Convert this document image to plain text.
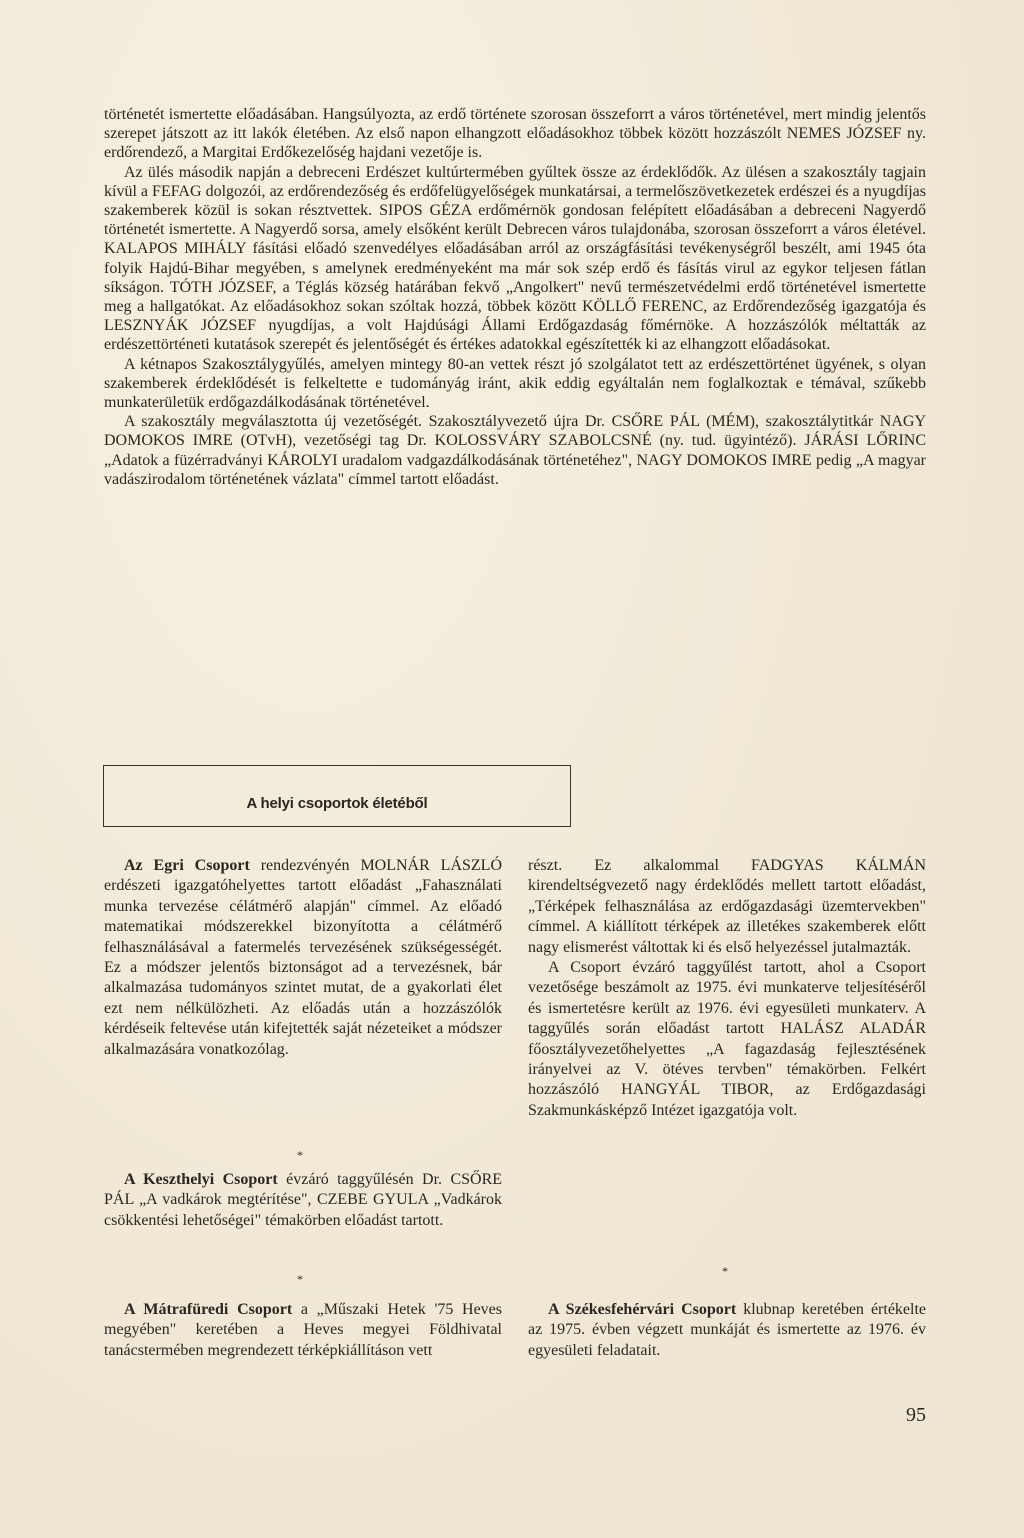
történetét ismertette előadásában. Hangsúlyozta, az erdő története szorosan összeforrt a város történetével, mert mindig jelentős szerepet játszott az itt lakók életében. Az első napon elhangzott előadásokhoz többek között hozzászólt NEMES JÓZSEF ny. erdőrendező, a Margitai Erdőkezelőség hajdani vezetője is.

Az ülés második napján a debreceni Erdészet kultúrtermében gyűltek össze az érdeklődők. Az ülésen a szakosztály tagjain kívül a FEFAG dolgozói, az erdőrendezőség és erdőfelügyelőségek munkatársai, a termelőszövetkezetek erdészei és a nyugdíjas szakemberek közül is sokan résztvettek. SIPOS GÉZA erdőmérnök gondosan felépített előadásában a debreceni Nagyerdő történetét ismertette. A Nagyerdő sorsa, amely elsőként került Debrecen város tulajdonába, szorosan összeforrt a város életével. KALAPOS MIHÁLY fásítási előadó szenvedélyes előadásában arról az országfásítási tevékenységről beszélt, ami 1945 óta folyik Hajdú-Bihar megyében, s amelynek eredményeként ma már sok szép erdő és fásítás virul az egykor teljesen fátlan síkságon. TÓTH JÓZSEF, a Téglás község határában fekvő „Angolkert" nevű természetvédelmi erdő történetével ismertette meg a hallgatókat. Az előadásokhoz sokan szóltak hozzá, többek között KÖLLŐ FERENC, az Erdőrendezőség igazgatója és LESZNYÁK JÓZSEF nyugdíjas, a volt Hajdúsági Állami Erdőgazdaság főmérnöke. A hozzászólók méltatták az erdészettörténeti kutatások szerepét és jelentőségét és értékes adatokkal egészítették ki az elhangzott előadásokat.

A kétnapos Szakosztálygyűlés, amelyen mintegy 80-an vettek részt jó szolgálatot tett az erdészettörténet ügyének, s olyan szakemberek érdeklődését is felkeltette e tudományág iránt, akik eddig egyáltalán nem foglalkoztak e témával, szűkebb munkaterületük erdőgazdálkodásának történetével.

A szakosztály megválasztotta új vezetőségét. Szakosztályvezető újra Dr. CSŐRE PÁL (MÉM), szakosztálytitkár NAGY DOMOKOS IMRE (OTvH), vezetőségi tag Dr. KOLOSSVÁRY SZABOLCSNÉ (ny. tud. ügyintéző). JÁRÁSI LŐRINC „Adatok a füzérradványi KÁROLYI uradalom vadgazdálkodásának történetéhez", NAGY DOMOKOS IMRE pedig „A magyar vadászirodalom történetének vázlata" címmel tartott előadást.

A helyi csoportok életéből

Az Egri Csoport rendezvényén MOLNÁR LÁSZLÓ erdészeti igazgatóhelyettes tartott előadást „Fahasználati munka tervezése célátmérő alapján" címmel. Az előadó matematikai módszerekkel bizonyította a célátmérő felhasználásával a fatermelés tervezésének szükségességét. Ez a módszer jelentős biztonságot ad a tervezésnek, bár alkalmazása tudományos szintet mutat, de a gyakorlati élet ezt nem nélkülözheti. Az előadás után a hozzászólók kérdéseik feltevése után kifejtették saját nézeteiket a módszer alkalmazására vonatkozólag.

*

A Keszthelyi Csoport évzáró taggyűlésén Dr. CSŐRE PÁL „A vadkárok megtérítése", CZEBE GYULA „Vadkárok csökkentési lehetőségei" témakörben előadást tartott.

*

A Mátrafüredi Csoport a „Műszaki Hetek '75 Heves megyében" keretében a Heves megyei Földhivatal tanácstermében megrendezett térképkiállításon vett

részt. Ez alkalommal FADGYAS KÁLMÁN kirendeltségvezető nagy érdeklődés mellett tartott előadást, „Térképek felhasználása az erdőgazdasági üzemtervekben" címmel. A kiállított térképek az illetékes szakemberek előtt nagy elismerést váltottak ki és első helyezéssel jutalmazták.

A Csoport évzáró taggyűlést tartott, ahol a Csoport vezetősége beszámolt az 1975. évi munkaterve teljesítéséről és ismertetésre került az 1976. évi egyesületi munkaterv. A taggyűlés során előadást tartott HALÁSZ ALADÁR főosztályvezetőhelyettes „A fagazdaság fejlesztésének irányelvei az V. ötéves tervben" témakörben. Felkért hozzászóló HANGYÁL TIBOR, az Erdőgazdasági Szakmunkásképző Intézet igazgatója volt.

*

A Székesfehérvári Csoport klubnap keretében értékelte az 1975. évben végzett munkáját és ismertette az 1976. év egyesületi feladatait.

95
